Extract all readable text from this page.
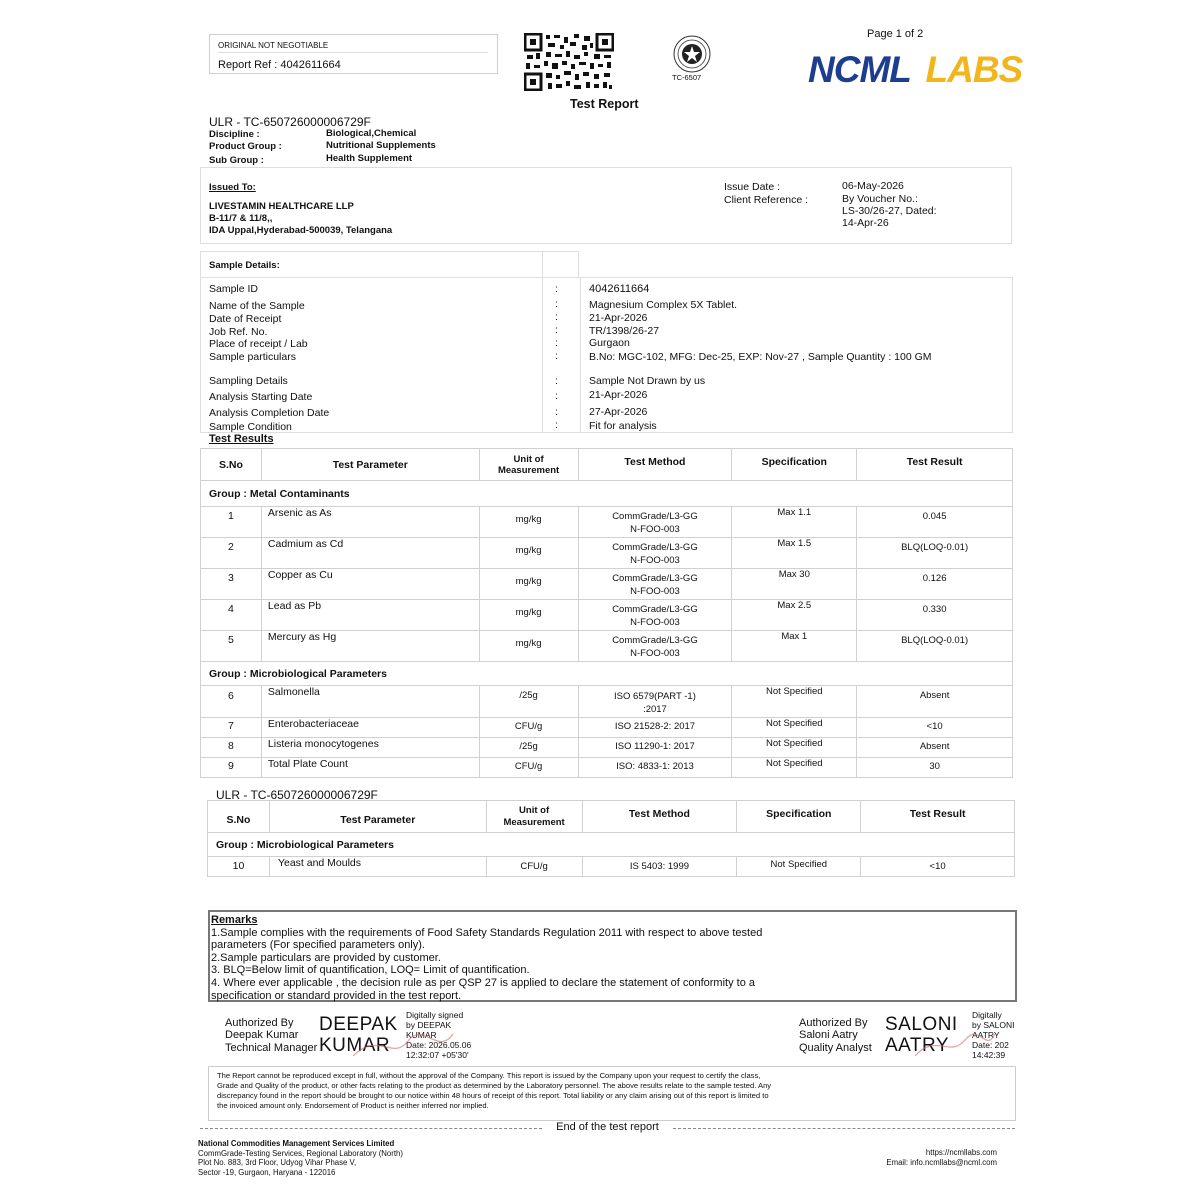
ORIGINAL NOT NEGOTIABLE
Report Ref : 4042611664
TC-6507
Page 1 of 2
NCML LABS
Test Report
ULR - TC-650726000006729F
Discipline :	Biological,Chemical
Product Group :	Nutritional Supplements
Sub Group :	Health Supplement
Issued To:
LIVESTAMIN HEALTHCARE LLP
B-11/7 & 11/8,,
IDA Uppal,Hyderabad-500039, Telangana
Issue Date :	06-May-2026
Client Reference :	By Voucher No.:
LS-30/26-27, Dated:
14-Apr-26
Sample Details:
Sample ID	:	4042611664
Name of the Sample	:	Magnesium Complex 5X Tablet.
Date of Receipt	:	21-Apr-2026
Job Ref. No.	:	TR/1398/26-27
Place of receipt / Lab	:	Gurgaon
Sample particulars	:	B.No: MGC-102, MFG: Dec-25, EXP: Nov-27 , Sample Quantity : 100 GM
Sampling Details	:	Sample Not Drawn by us
Analysis Starting Date	:	21-Apr-2026
Analysis Completion Date	:	27-Apr-2026
Sample Condition	:	Fit for analysis
Test Results
S.No	Test Parameter	Unit of Measurement	Test Method	Specification	Test Result
Group : Metal Contaminants					
1	Arsenic as As	mg/kg	CommGrade/L3-GG
N-FOO-003	Max 1.1	0.045
2	Cadmium as Cd	mg/kg	CommGrade/L3-GG
N-FOO-003	Max 1.5	BLQ(LOQ-0.01)
3	Copper as Cu	mg/kg	CommGrade/L3-GG
N-FOO-003	Max 30	0.126
4	Lead as Pb	mg/kg	CommGrade/L3-GG
N-FOO-003	Max 2.5	0.330
5	Mercury as Hg	mg/kg	CommGrade/L3-GG
N-FOO-003	Max 1	BLQ(LOQ-0.01)
Group : Microbiological Parameters					
6	Salmonella	/25g	ISO 6579(PART -1)
:2017	Not Specified	Absent
7	Enterobacteriaceae	CFU/g	ISO 21528-2: 2017	Not Specified	<10
8	Listeria monocytogenes	/25g	ISO 11290-1: 2017	Not Specified	Absent
9	Total Plate Count	CFU/g	ISO: 4833-1: 2013	Not Specified	30
ULR - TC-650726000006729F
S.No	Test Parameter	Unit of Measurement	Test Method	Specification	Test Result
Group : Microbiological Parameters					
10	Yeast and Moulds	CFU/g	IS 5403: 1999	Not Specified	<10

Remarks

1.Sample complies with the requirements of Food Safety Standards Regulation 2011 with respect to above tested

parameters (For specified parameters only).

2.Sample particulars are provided by customer.

3. BLQ=Below limit of quantification, LOQ= Limit of quantification.

4. Where ever applicable , the decision rule as per QSP 27 is applied to declare the statement of conformity to a

specification or standard provided in the test report.

Authorized By
Deepak Kumar
Technical Manager
DEEPAK
KUMAR
Digitally signed
by DEEPAK
KUMAR
Date: 2026.05.06
12:32:07 +05'30'
Authorized By
Saloni Aatry
Quality Analyst
SALONI
AATRY
Digitally
by SALONI
AATRY
Date: 202
14:42:39
The Report cannot be reproduced except in full, without the approval of the Company. This report is issued by the Company upon your request to certify the class,
Grade and Quality of the product, or other facts relating to the product as determined by the Laboratory personnel. The above results relate to the sample tested. Any
discrepancy found in the report should be brought to our notice within 48 hours of receipt of this report. Total liability or any claim arising out of this report is limited to
the invoiced amount only. Endorsement of Product is neither inferred nor implied.
End of the test report
National Commodities Management Services Limited
CommGrade-Testing Services, Regional Laboratory (North)
Plot No. 883, 3rd Floor, Udyog Vihar Phase V,
Sector -19, Gurgaon, Haryana - 122016
https://ncmllabs.com
Email: info.ncmllabs@ncml.com
